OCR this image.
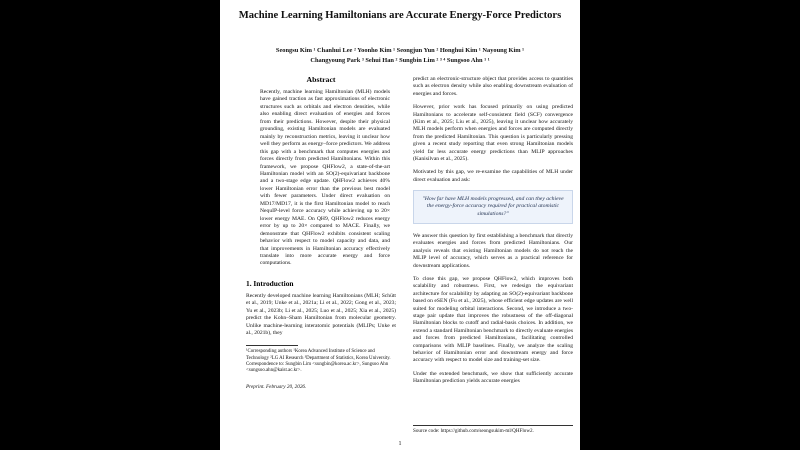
Machine Learning Hamiltonians are Accurate Energy-Force Predictors
Seongsu Kim ¹ Chanhui Lee ² Yoonho Kim ¹ Seongjun Yun ² Honghui Kim ¹ Nayoung Kim ¹
Changyoung Park ³ Sehui Han ² Sungbin Lim ² ³ ⁴ Sungsoo Ahn ¹ ¹
Abstract

Recently, machine learning Hamiltonian (MLH) models have gained traction as fast approximations of electronic structures such as orbitals and electron densities, while also enabling direct evaluation of energies and forces from their predictions. However, despite their physical grounding, existing Hamiltonian models are evaluated mainly by reconstruction metrics, leaving it unclear how well they perform as energy–force predictors. We address this gap with a benchmark that computes energies and forces directly from predicted Hamiltonians. Within this framework, we propose QHFlow2, a state-of-the-art Hamiltonian model with an SO(2)-equivariant backbone and a two-stage edge update. QHFlow2 achieves 40% lower Hamiltonian error than the previous best model with fewer parameters. Under direct evaluation on MD17/MD17, it is the first Hamiltonian model to reach NequIP-level force accuracy while achieving up to 20× lower energy MAE. On QH9, QHFlow2 reduces energy error by up to 20× compared to MACE. Finally, we demonstrate that QHFlow2 exhibits consistent scaling behavior with respect to model capacity and data, and that improvements in Hamiltonian accuracy effectively translate into more accurate energy and force computations.

1. Introduction

Recently developed machine learning Hamiltonians (MLH; Schütt et al., 2019; Unke et al., 2021a; Li et al., 2022; Gong et al., 2023; Yu et al., 2023b; Li et al., 2025; Luo et al., 2025; Xia et al., 2025) predict the Kohn–Sham Hamiltonian from molecular geometry. Unlike machine-learning interatomic potentials (MLIPs; Unke et al., 2021b), they

¹Corresponding authors ¹Korea Advanced Institute of Science and Technology ²LG AI Research ³Department of Statistics, Korea University. Correspondence to: Sungbin Lim <sungbin@korea.ac.kr>, Sungsoo Ahn <sungsoo.ahn@kaist.ac.kr>.
Preprint. February 20, 2026.

predict an electronic-structure object that provides access to quantities such as electron density while also enabling downstream evaluation of energies and forces.

However, prior work has focused primarily on using predicted Hamiltonians to accelerate self-consistent field (SCF) convergence (Kim et al., 2025; Liu et al., 2025), leaving it unclear how accurately MLH models perform when energies and forces are computed directly from the predicted Hamiltonian. This question is particularly pressing given a recent study reporting that even strong Hamiltonian models yield far less accurate energy predictions than MLIP approaches (Kanisilvan et al., 2025).

Motivated by this gap, we re-examine the capabilities of MLH under direct evaluation and ask:

"How far have MLH models progressed, and can they achieve the energy-force accuracy required for practical atomistic simulations?"

We answer this question by first establishing a benchmark that directly evaluates energies and forces from predicted Hamiltonians. Our analysis reveals that existing Hamiltonian models do not reach the MLIP level of accuracy, which serves as a practical reference for downstream applications.

To close this gap, we propose QHFlow2, which improves both scalability and robustness. First, we redesign the equivariant architecture for scalability by adapting an SO(2)-equivariant backbone based on eSEN (Fu et al., 2025), whose efficient edge updates are well suited for modeling orbital interactions. Second, we introduce a two-stage pair update that improves the robustness of the off-diagonal Hamiltonian blocks to cutoff and radial-basis choices. In addition, we extend a standard Hamiltonian benchmark to directly evaluate energies and forces from predicted Hamiltonians, facilitating controlled comparisons with MLIP baselines. Finally, we analyze the scaling behavior of Hamiltonian error and downstream energy and force accuracy with respect to model size and training-set size.

Under the extended benchmark, we show that sufficiently accurate Hamiltonian prediction yields accurate energies

Source code: https://github.com/seongsukim-ml/QHFlow2.
1
